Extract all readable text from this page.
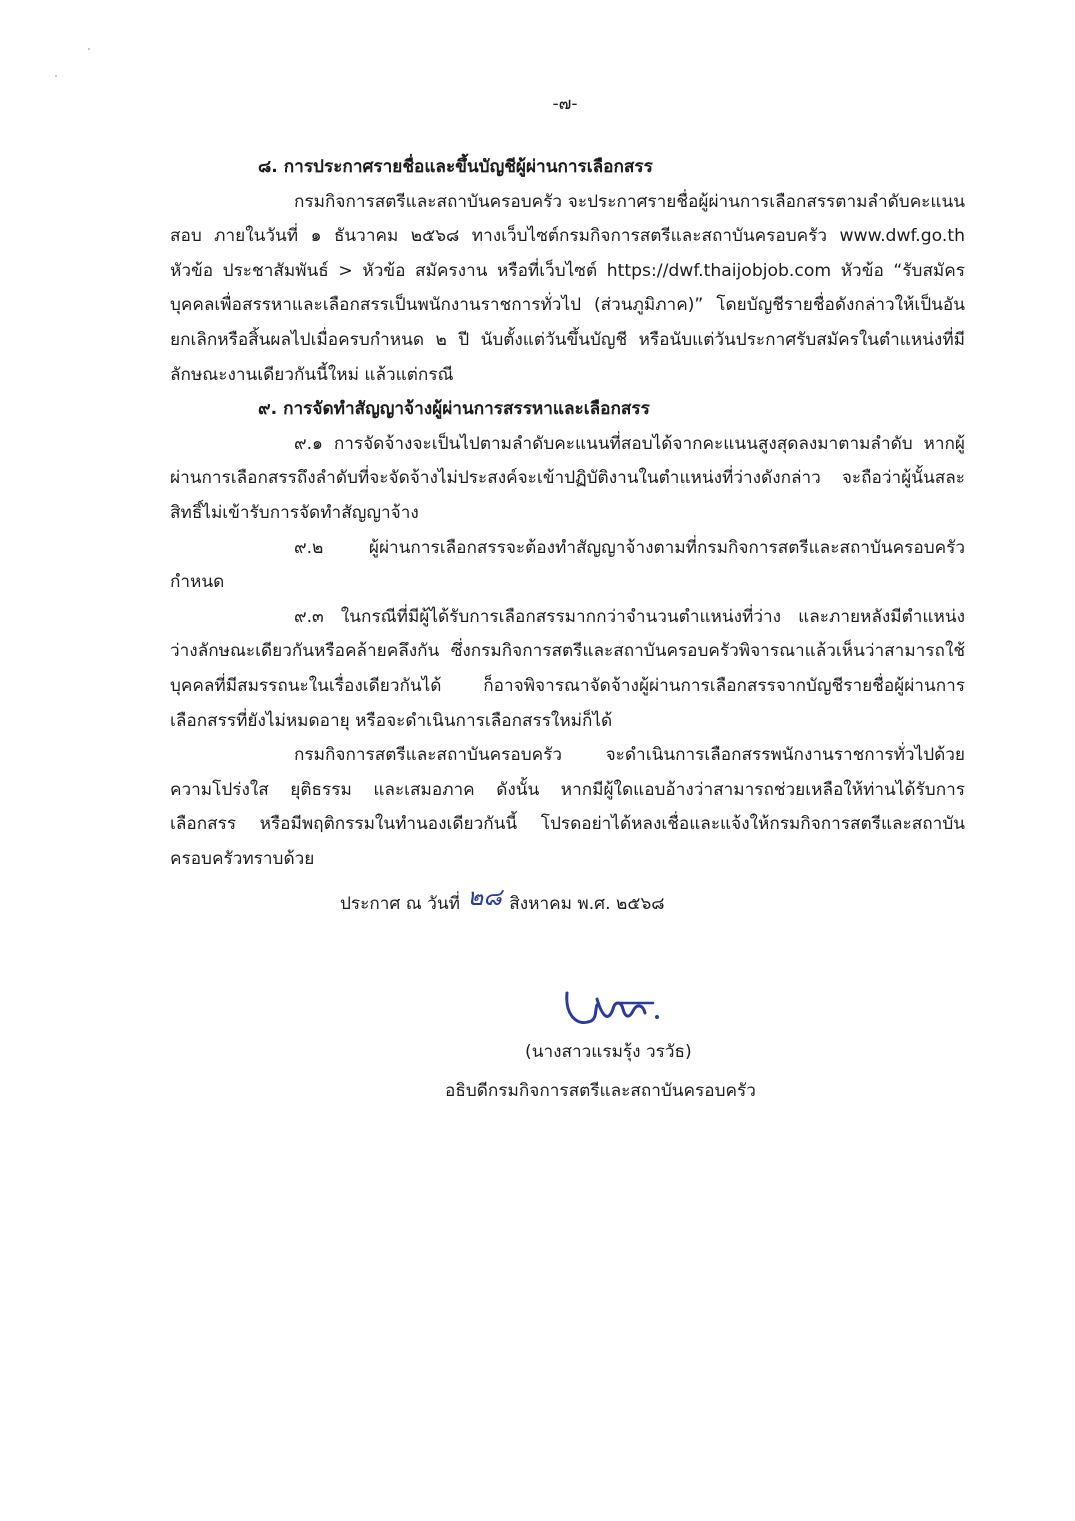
-๗-

๘. การประกาศรายชื่อและขึ้นบัญชีผู้ผ่านการเลือกสรร

กรมกิจการสตรีและสถาบันครอบครัว จะประกาศรายชื่อผู้ผ่านการเลือกสรรตามลำดับคะแนนสอบ ภายในวันที่ ๑ ธันวาคม ๒๕๖๘ ทางเว็บไซต์กรมกิจการสตรีและสถาบันครอบครัว www.dwf.go.th หัวข้อ ประชาสัมพันธ์ > หัวข้อ สมัครงาน หรือที่เว็บไซต์ https://dwf.thaijobjob.com หัวข้อ “รับสมัครบุคคลเพื่อสรรหาและเลือกสรรเป็นพนักงานราชการทั่วไป (ส่วนภูมิภาค)” โดยบัญชีรายชื่อดังกล่าวให้เป็นอันยกเลิกหรือสิ้นผลไปเมื่อครบกำหนด ๒ ปี นับตั้งแต่วันขึ้นบัญชี หรือนับแต่วันประกาศรับสมัครในตำแหน่งที่มีลักษณะงานเดียวกันนี้ใหม่ แล้วแต่กรณี

๙. การจัดทำสัญญาจ้างผู้ผ่านการสรรหาและเลือกสรร

๙.๑ การจัดจ้างจะเป็นไปตามลำดับคะแนนที่สอบได้จากคะแนนสูงสุดลงมาตามลำดับ หากผู้ผ่านการเลือกสรรถึงลำดับที่จะจัดจ้างไม่ประสงค์จะเข้าปฏิบัติงานในตำแหน่งที่ว่างดังกล่าว จะถือว่าผู้นั้นสละสิทธิ์ไม่เข้ารับการจัดทำสัญญาจ้าง

๙.๒ ผู้ผ่านการเลือกสรรจะต้องทำสัญญาจ้างตามที่กรมกิจการสตรีและสถาบันครอบครัวกำหนด

๙.๓ ในกรณีที่มีผู้ได้รับการเลือกสรรมากกว่าจำนวนตำแหน่งที่ว่าง และภายหลังมีตำแหน่งว่างลักษณะเดียวกันหรือคล้ายคลึงกัน ซึ่งกรมกิจการสตรีและสถาบันครอบครัวพิจารณาแล้วเห็นว่าสามารถใช้บุคคลที่มีสมรรถนะในเรื่องเดียวกันได้ ก็อาจพิจารณาจัดจ้างผู้ผ่านการเลือกสรรจากบัญชีรายชื่อผู้ผ่านการเลือกสรรที่ยังไม่หมดอายุ หรือจะดำเนินการเลือกสรรใหม่ก็ได้

กรมกิจการสตรีและสถาบันครอบครัว จะดำเนินการเลือกสรรพนักงานราชการทั่วไปด้วยความโปร่งใส ยุติธรรม และเสมอภาค ดังนั้น หากมีผู้ใดแอบอ้างว่าสามารถช่วยเหลือให้ท่านได้รับการเลือกสรร หรือมีพฤติกรรมในทำนองเดียวกันนี้ โปรดอย่าได้หลงเชื่อและแจ้งให้กรมกิจการสตรีและสถาบันครอบครัวทราบด้วย

ประกาศ ณ วันที่ ๒๘ สิงหาคม พ.ศ. ๒๕๖๘

(นางสาวแรมรุ้ง วรวัธ)
อธิบดีกรมกิจการสตรีและสถาบันครอบครัว
